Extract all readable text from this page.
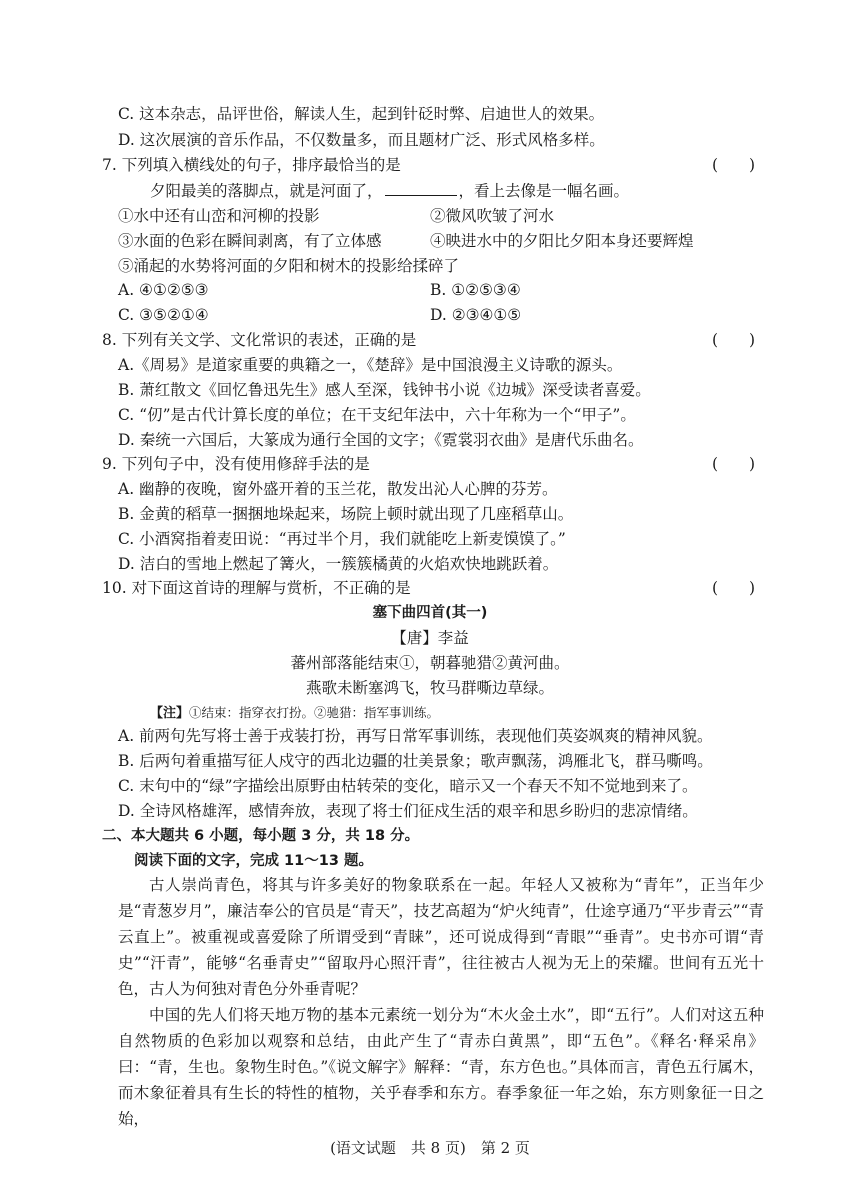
C. 这本杂志，品评世俗，解读人生，起到针砭时弊、启迪世人的效果。
D. 这次展演的音乐作品，不仅数量多，而且题材广泛、形式风格多样。
7. 下列填入横线处的句子，排序最恰当的是	(　　)
夕阳最美的落脚点，就是河面了，	，看上去像是一幅名画。
①水中还有山峦和河柳的投影	②微风吹皱了河水
③水面的色彩在瞬间剥离，有了立体感	④映进水中的夕阳比夕阳本身还要辉煌
⑤涌起的水势将河面的夕阳和树木的投影给揉碎了
A. ④①②⑤③	B. ①②⑤③④
C. ③⑤②①④	D. ②③④①⑤
8. 下列有关文学、文化常识的表述，正确的是	(　　)
A.《周易》是道家重要的典籍之一，《楚辞》是中国浪漫主义诗歌的源头。
B. 萧红散文《回忆鲁迅先生》感人至深，钱钟书小说《边城》深受读者喜爱。
C. “仞”是古代计算长度的单位；在干支纪年法中，六十年称为一个“甲子”。
D. 秦统一六国后，大篆成为通行全国的文字；《霓裳羽衣曲》是唐代乐曲名。
9. 下列句子中，没有使用修辞手法的是	(　　)
A. 幽静的夜晚，窗外盛开着的玉兰花，散发出沁人心脾的芬芳。
B. 金黄的稻草一捆捆地垛起来，场院上顿时就出现了几座稻草山。
C. 小酒窝指着麦田说：“再过半个月，我们就能吃上新麦馍馍了。”
D. 洁白的雪地上燃起了篝火，一簇簇橘黄的火焰欢快地跳跃着。
10. 对下面这首诗的理解与赏析，不正确的是	(　　)
塞下曲四首(其一)
【唐】李益
蕃州部落能结束①，朝暮驰猎②黄河曲。
燕歌未断塞鸿飞，牧马群嘶边草绿。
【注】①结束：指穿衣打扮。②驰猎：指军事训练。
A. 前两句先写将士善于戎装打扮，再写日常军事训练，表现他们英姿飒爽的精神风貌。
B. 后两句着重描写征人戍守的西北边疆的壮美景象；歌声飘荡，鸿雁北飞，群马嘶鸣。
C. 末句中的“绿”字描绘出原野由枯转荣的变化，暗示又一个春天不知不觉地到来了。
D. 全诗风格雄浑，感情奔放，表现了将士们征戍生活的艰辛和思乡盼归的悲凉情绪。
二、本大题共 6 小题，每小题 3 分，共 18 分。
阅读下面的文字，完成 11～13 题。
古人崇尚青色，将其与许多美好的物象联系在一起。年轻人又被称为“青年”，正当年少是“青葱岁月”，廉洁奉公的官员是“青天”，技艺高超为“炉火纯青”，仕途亨通乃“平步青云”“青云直上”。被重视或喜爱除了所谓受到“青睐”，还可说成得到“青眼”“垂青”。史书亦可谓“青史”“汗青”，能够“名垂青史”“留取丹心照汗青”，往往被古人视为无上的荣耀。世间有五光十色，古人为何独对青色分外垂青呢？
中国的先人们将天地万物的基本元素统一划分为“木火金土水”，即“五行”。人们对这五种自然物质的色彩加以观察和总结，由此产生了“青赤白黄黑”，即“五色”。《释名·释采帛》曰：“青，生也。象物生时色。”《说文解字》解释：“青，东方色也。”具体而言，青色五行属木，而木象征着具有生长的特性的植物，关乎春季和东方。春季象征一年之始，东方则象征一日之始，
(语文试题　共 8 页)　第 2 页
